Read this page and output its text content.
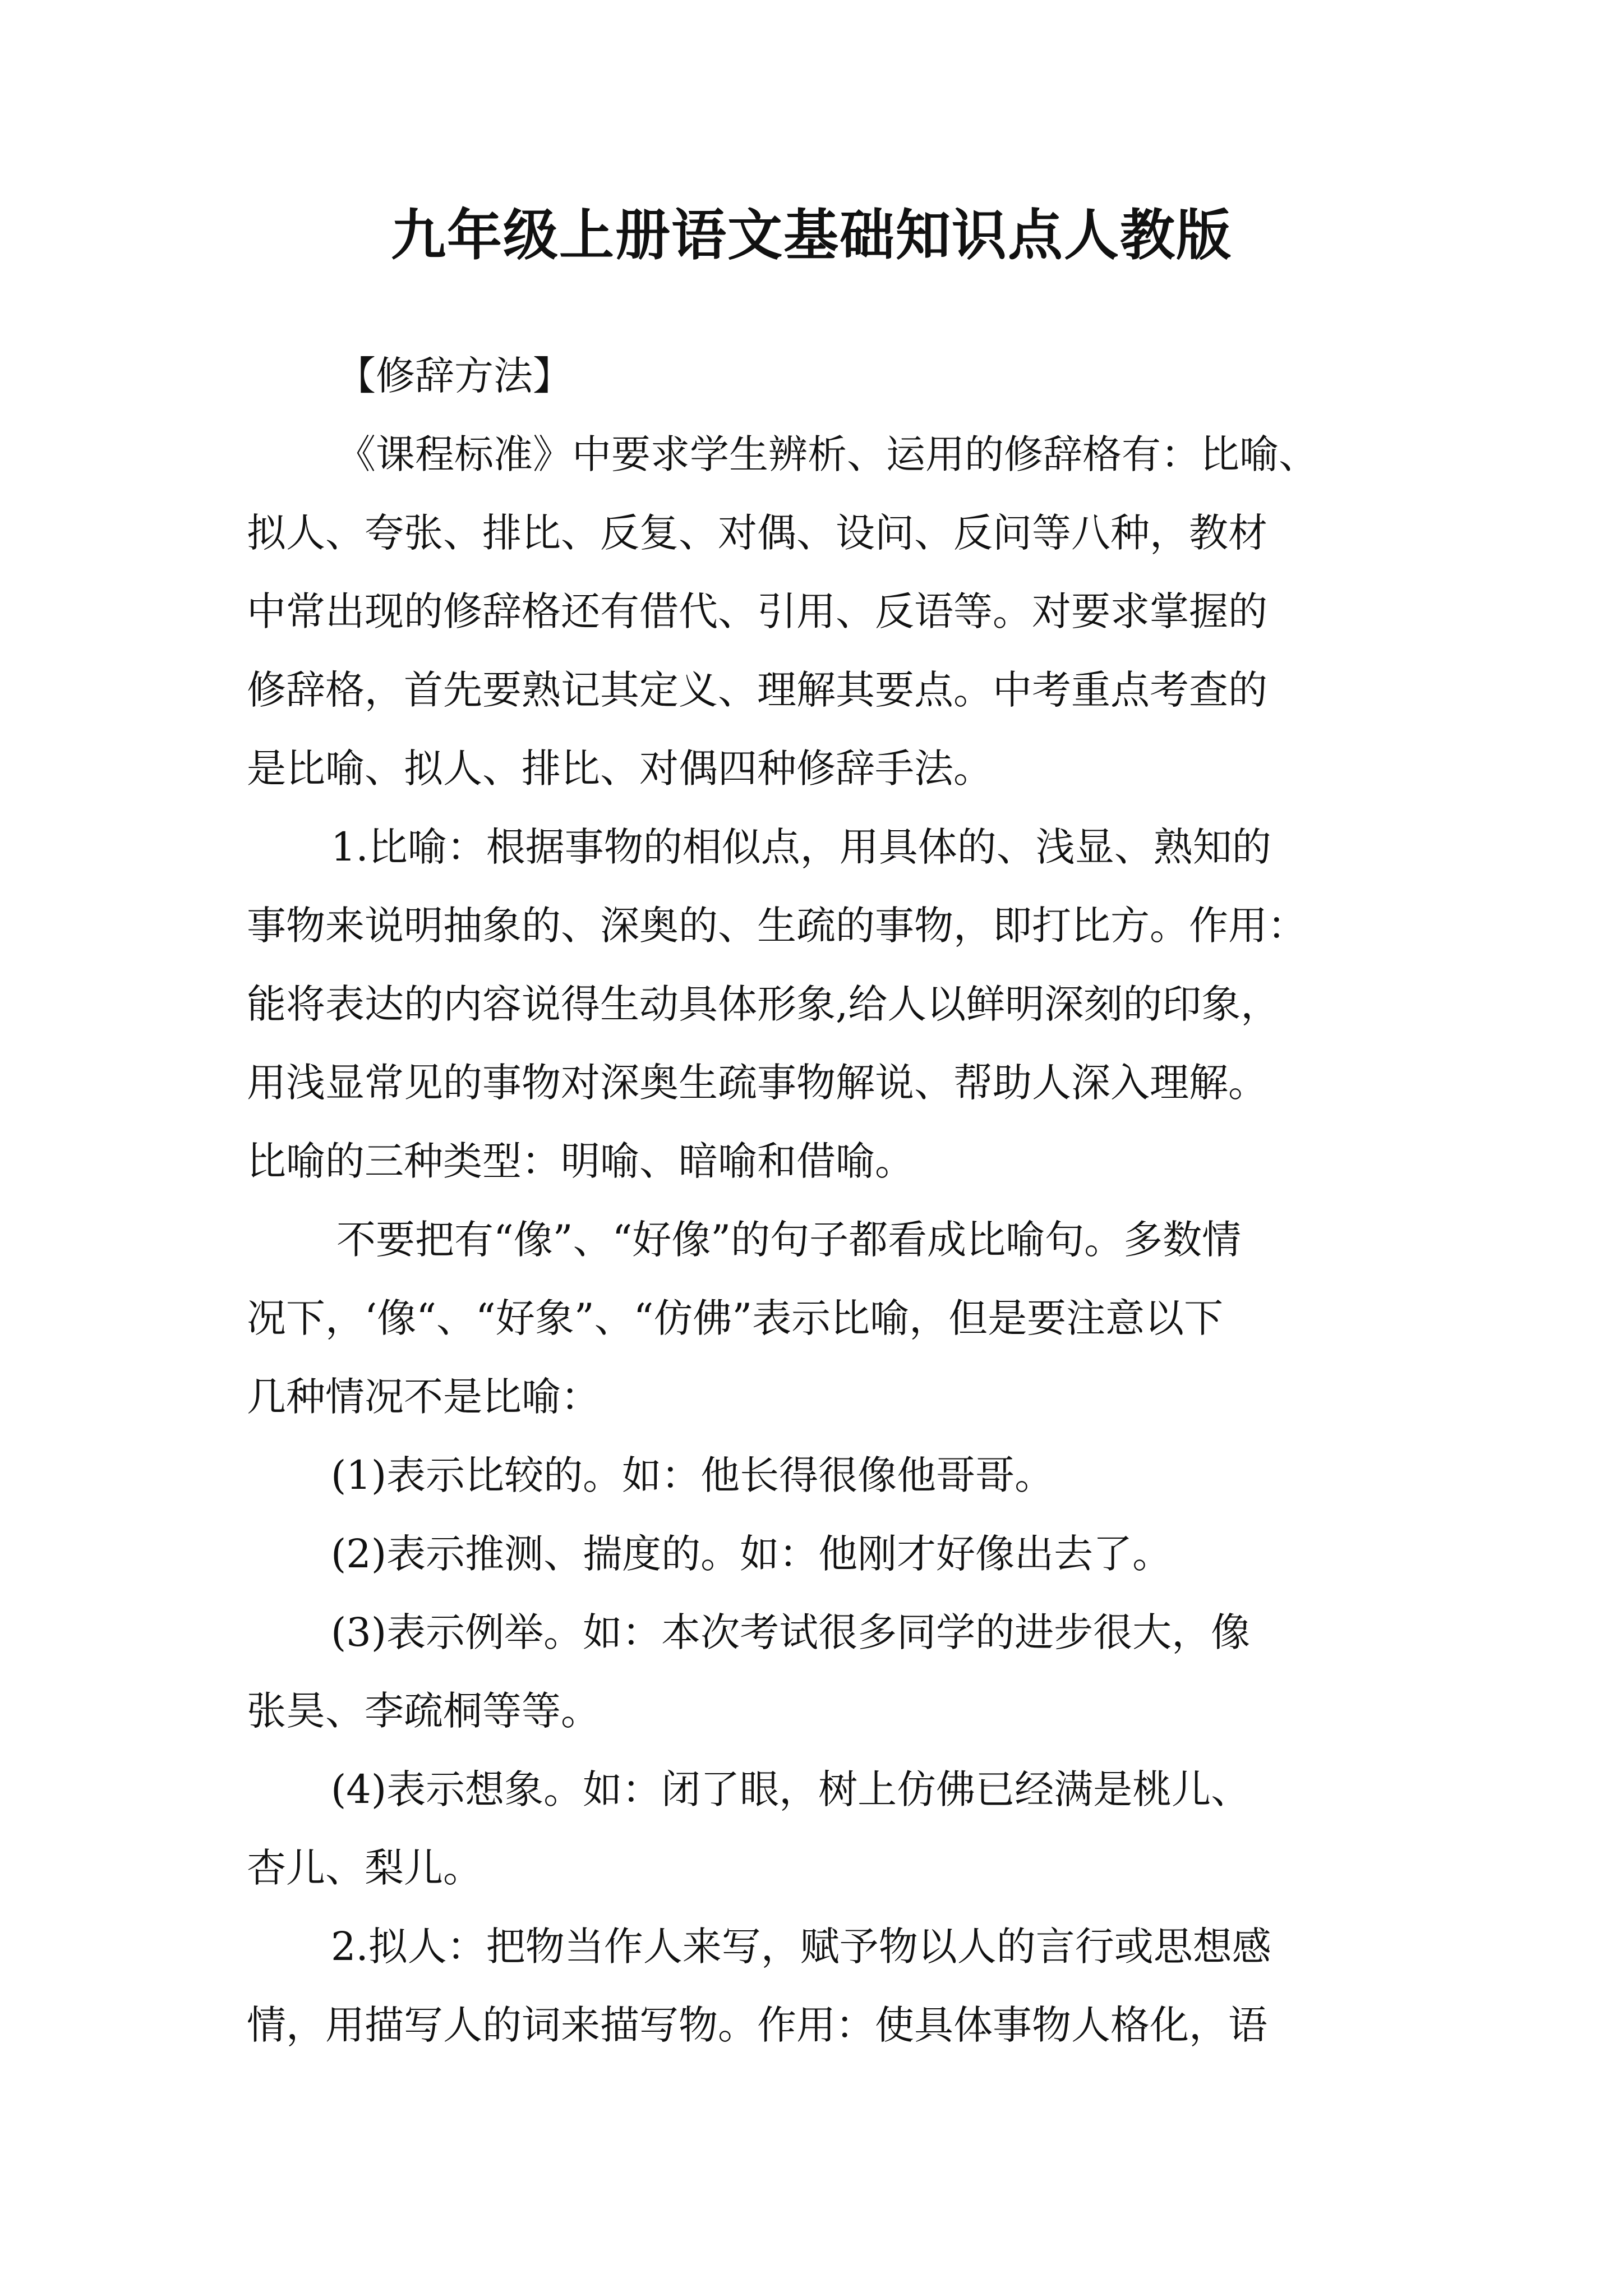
九年级上册语文基础知识点人教版
【修辞方法】
《课程标准》中要求学生辨析、运用的修辞格有：比喻、
拟人、夸张、排比、反复、对偶、设问、反问等八种，教材
中常出现的修辞格还有借代、引用、反语等。对要求掌握的
修辞格，首先要熟记其定义、理解其要点。中考重点考查的
是比喻、拟人、排比、对偶四种修辞手法。
1.比喻：根据事物的相似点，用具体的、浅显、熟知的
事物来说明抽象的、深奥的、生疏的事物，即打比方。作用：
能将表达的内容说得生动具体形象,给人以鲜明深刻的印象，
用浅显常见的事物对深奥生疏事物解说、帮助人深入理解。
比喻的三种类型：明喻、暗喻和借喻。
不要把有“像”、“好像”的句子都看成比喻句。多数情
况下，‘像“、“好象”、“仿佛”表示比喻，但是要注意以下
几种情况不是比喻：
(1)表示比较的。如：他长得很像他哥哥。
(2)表示推测、揣度的。如：他刚才好像出去了。
(3)表示例举。如：本次考试很多同学的进步很大，像
张昊、李疏桐等等。
(4)表示想象。如：闭了眼，树上仿佛已经满是桃儿、
杏儿、梨儿。
2.拟人：把物当作人来写，赋予物以人的言行或思想感
情，用描写人的词来描写物。作用：使具体事物人格化，语
